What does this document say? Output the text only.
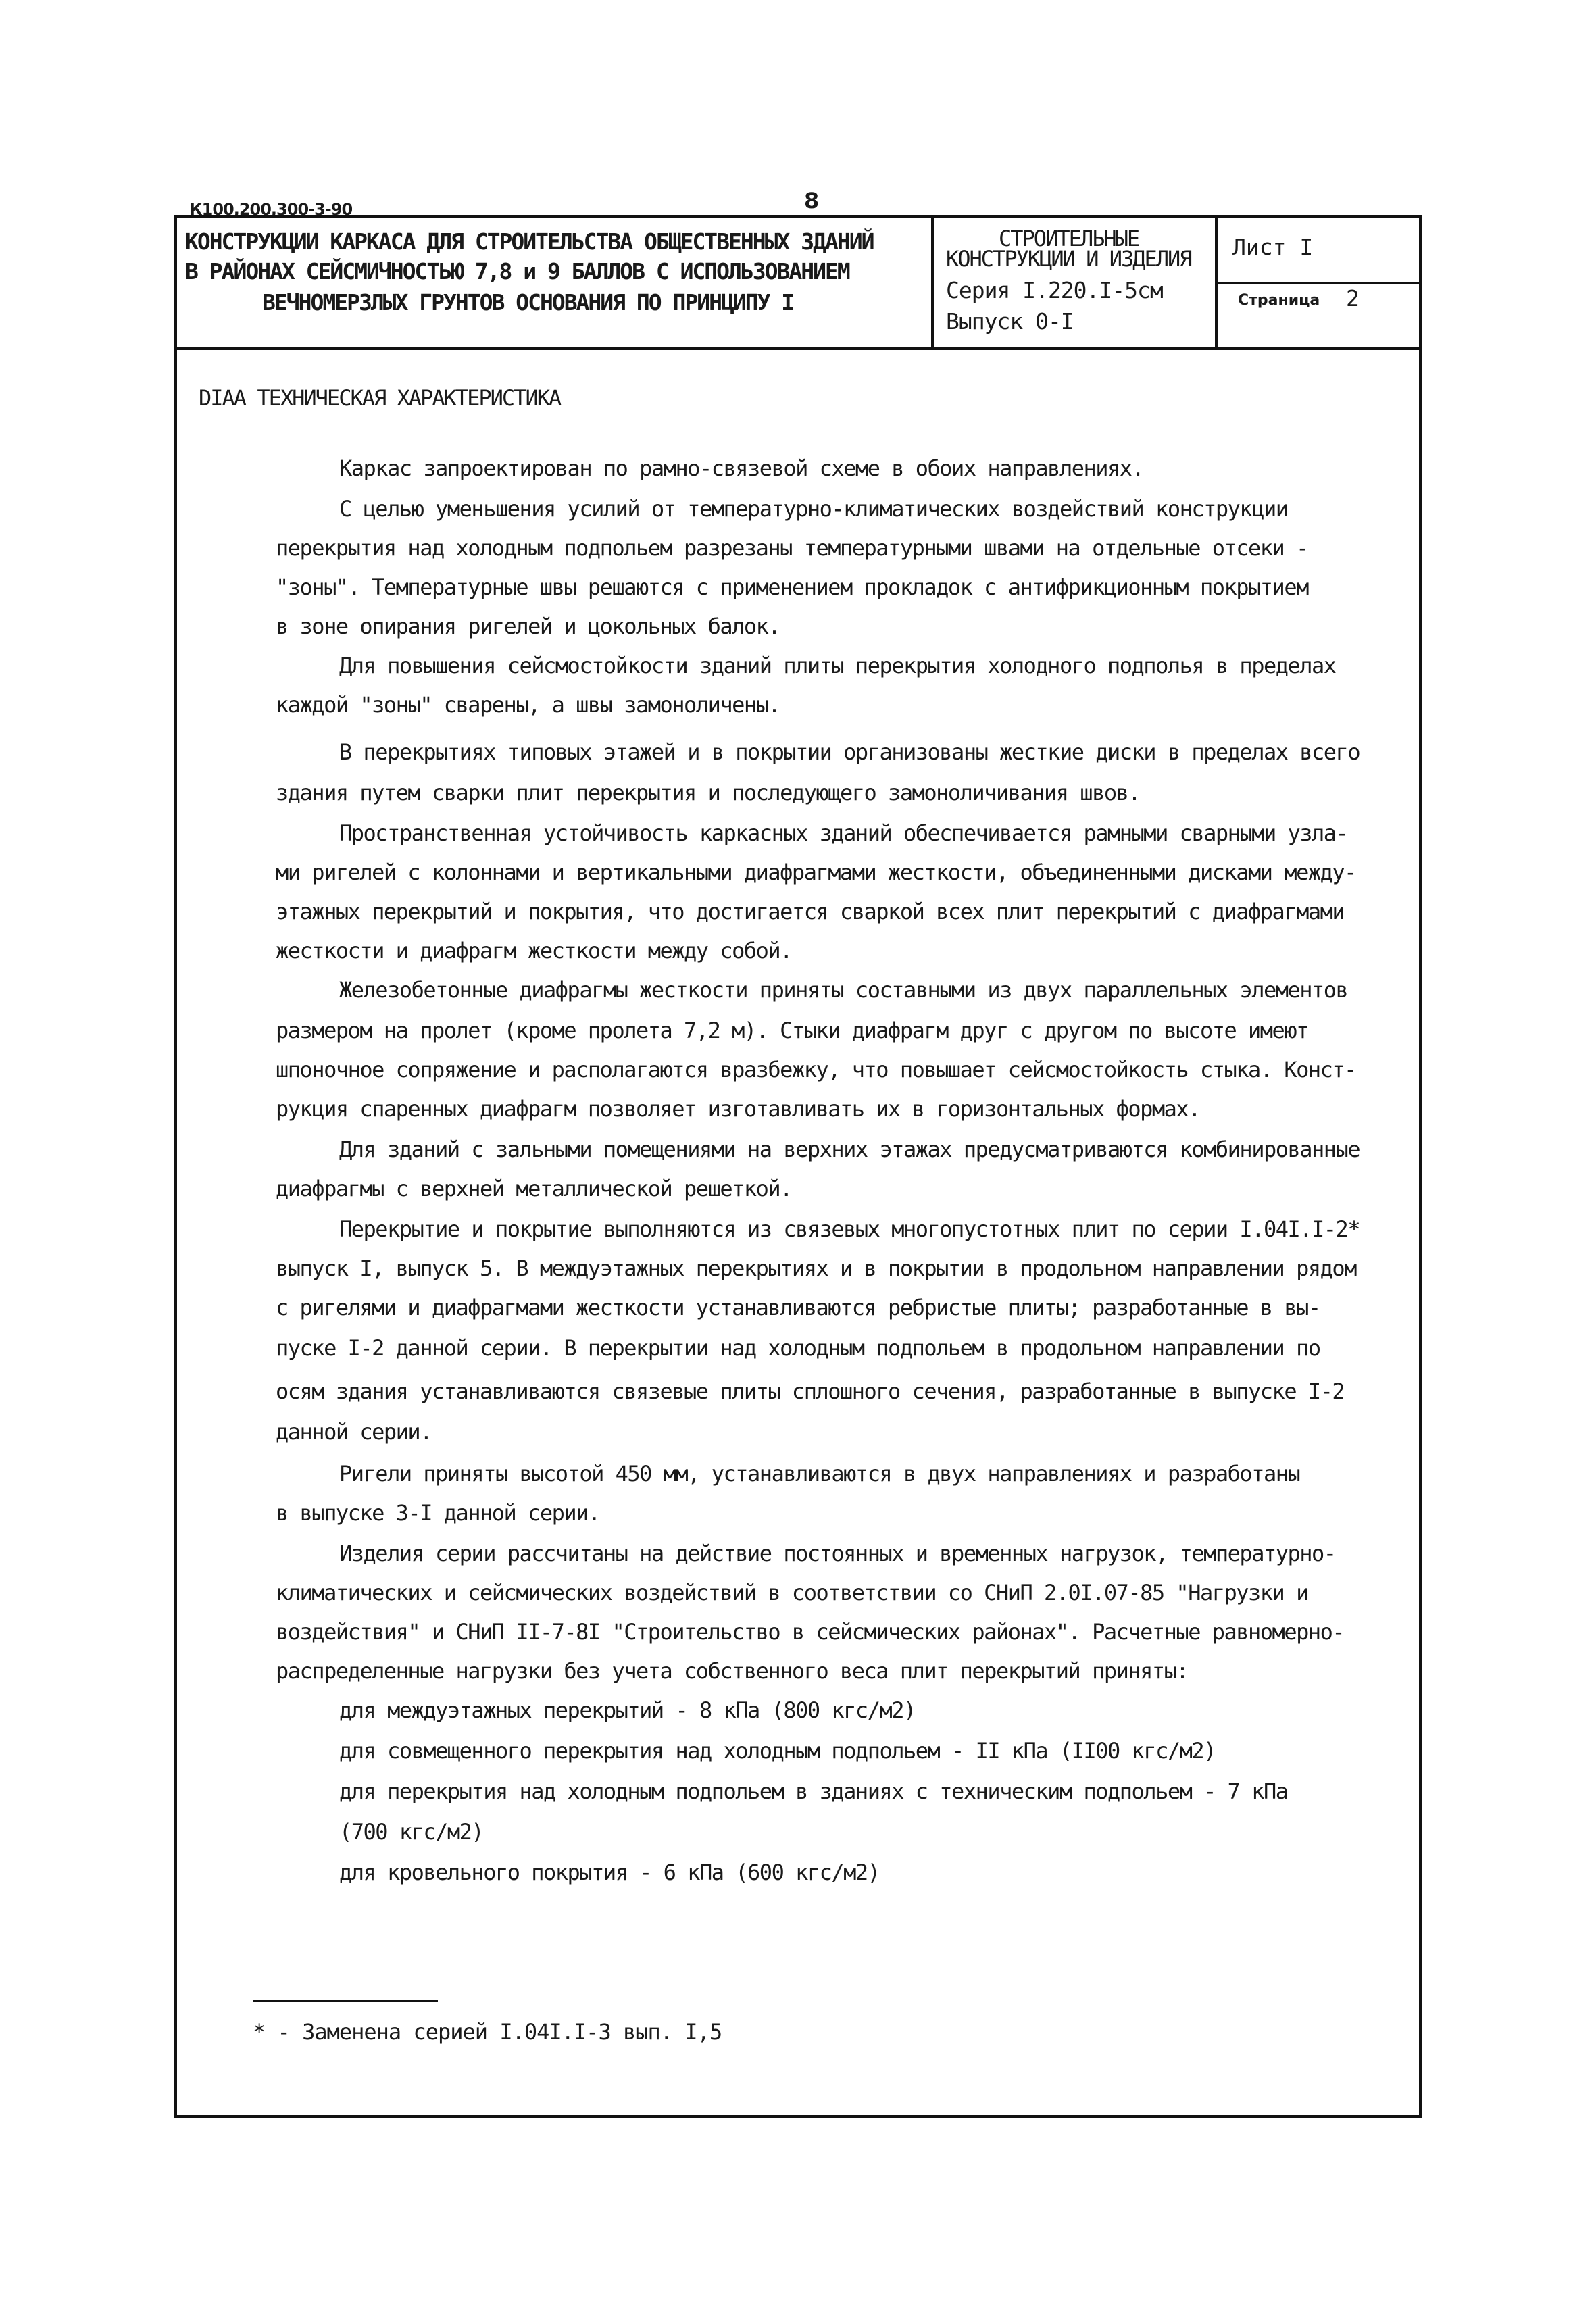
К100,200,300-3-90	8
КОНСТРУКЦИИ КАРКАСА ДЛЯ СТРОИТЕЛЬСТВА ОБЩЕСТВЕННЫХ ЗДАНИЙ
В РАЙОНАХ СЕЙСМИЧНОСТЬЮ 7,8 и 9 БАЛЛОВ С ИСПОЛЬЗОВАНИЕМ
ВЕЧНОМЕРЗЛЫХ ГРУНТОВ ОСНОВАНИЯ ПО ПРИНЦИПУ I
СТРОИТЕЛЬНЫЕ
КОНСТРУКЦИИ И ИЗДЕЛИЯ
Серия I.220.I-5см
Выпуск 0-I
Лист I
Страница 2
DIAA ТЕХНИЧЕСКАЯ ХАРАКТЕРИСТИКА
Каркас запроектирован по рамно-связевой схеме в обоих направлениях.
С целью уменьшения усилий от температурно-климатических воздействий конструкции
перекрытия над холодным подпольем разрезаны температурными швами на отдельные отсеки -
"зоны". Температурные швы решаются с применением прокладок с антифрикционным покрытием
в зоне опирания ригелей и цокольных балок.
Для повышения сейсмостойкости зданий плиты перекрытия холодного подполья в пределах
каждой "зоны" сварены, а швы замоноличены.
В перекрытиях типовых этажей и в покрытии организованы жесткие диски в пределах всего
здания путем сварки плит перекрытия и последующего замоноличивания швов.
Пространственная устойчивость каркасных зданий обеспечивается рамными сварными узла-
ми ригелей с колоннами и вертикальными диафрагмами жесткости, объединенными дисками между-
этажных перекрытий и покрытия, что достигается сваркой всех плит перекрытий с диафрагмами
жесткости и диафрагм жесткости между собой.
Железобетонные диафрагмы жесткости приняты составными из двух параллельных элементов
размером на пролет (кроме пролета 7,2 м). Стыки диафрагм друг с другом по высоте имеют
шпоночное сопряжение и располагаются вразбежку, что повышает сейсмостойкость стыка. Конст-
рукция спаренных диафрагм позволяет изготавливать их в горизонтальных формах.
Для зданий с зальными помещениями на верхних этажах предусматриваются комбинированные
диафрагмы с верхней металлической решеткой.
Перекрытие и покрытие выполняются из связевых многопустотных плит по серии I.04I.I-2*
выпуск I, выпуск 5. В междуэтажных перекрытиях и в покрытии в продольном направлении рядом
с ригелями и диафрагмами жесткости устанавливаются ребристые плиты; разработанные в вы-
пуске I-2 данной серии. В перекрытии над холодным подпольем в продольном направлении по
осям здания устанавливаются связевые плиты сплошного сечения, разработанные в выпуске I-2
данной серии.
Ригели приняты высотой 450 мм, устанавливаются в двух направлениях и разработаны
в выпуске 3-I данной серии.
Изделия серии рассчитаны на действие постоянных и временных нагрузок, температурно-
климатических и сейсмических воздействий в соответствии со СНиП 2.0I.07-85 "Нагрузки и
воздействия" и СНиП II-7-8I "Строительство в сейсмических районах". Расчетные равномерно-
распределенные нагрузки без учета собственного веса плит перекрытий приняты:
для междуэтажных перекрытий - 8 кПа (800 кгс/м2)
для совмещенного перекрытия над холодным подпольем - II кПа (II00 кгс/м2)
для перекрытия над холодным подпольем в зданиях с техническим подпольем - 7 кПа
(700 кгс/м2)
для кровельного покрытия - 6 кПа (600 кгс/м2)
* - Заменена серией I.04I.I-3 вып. I,5
